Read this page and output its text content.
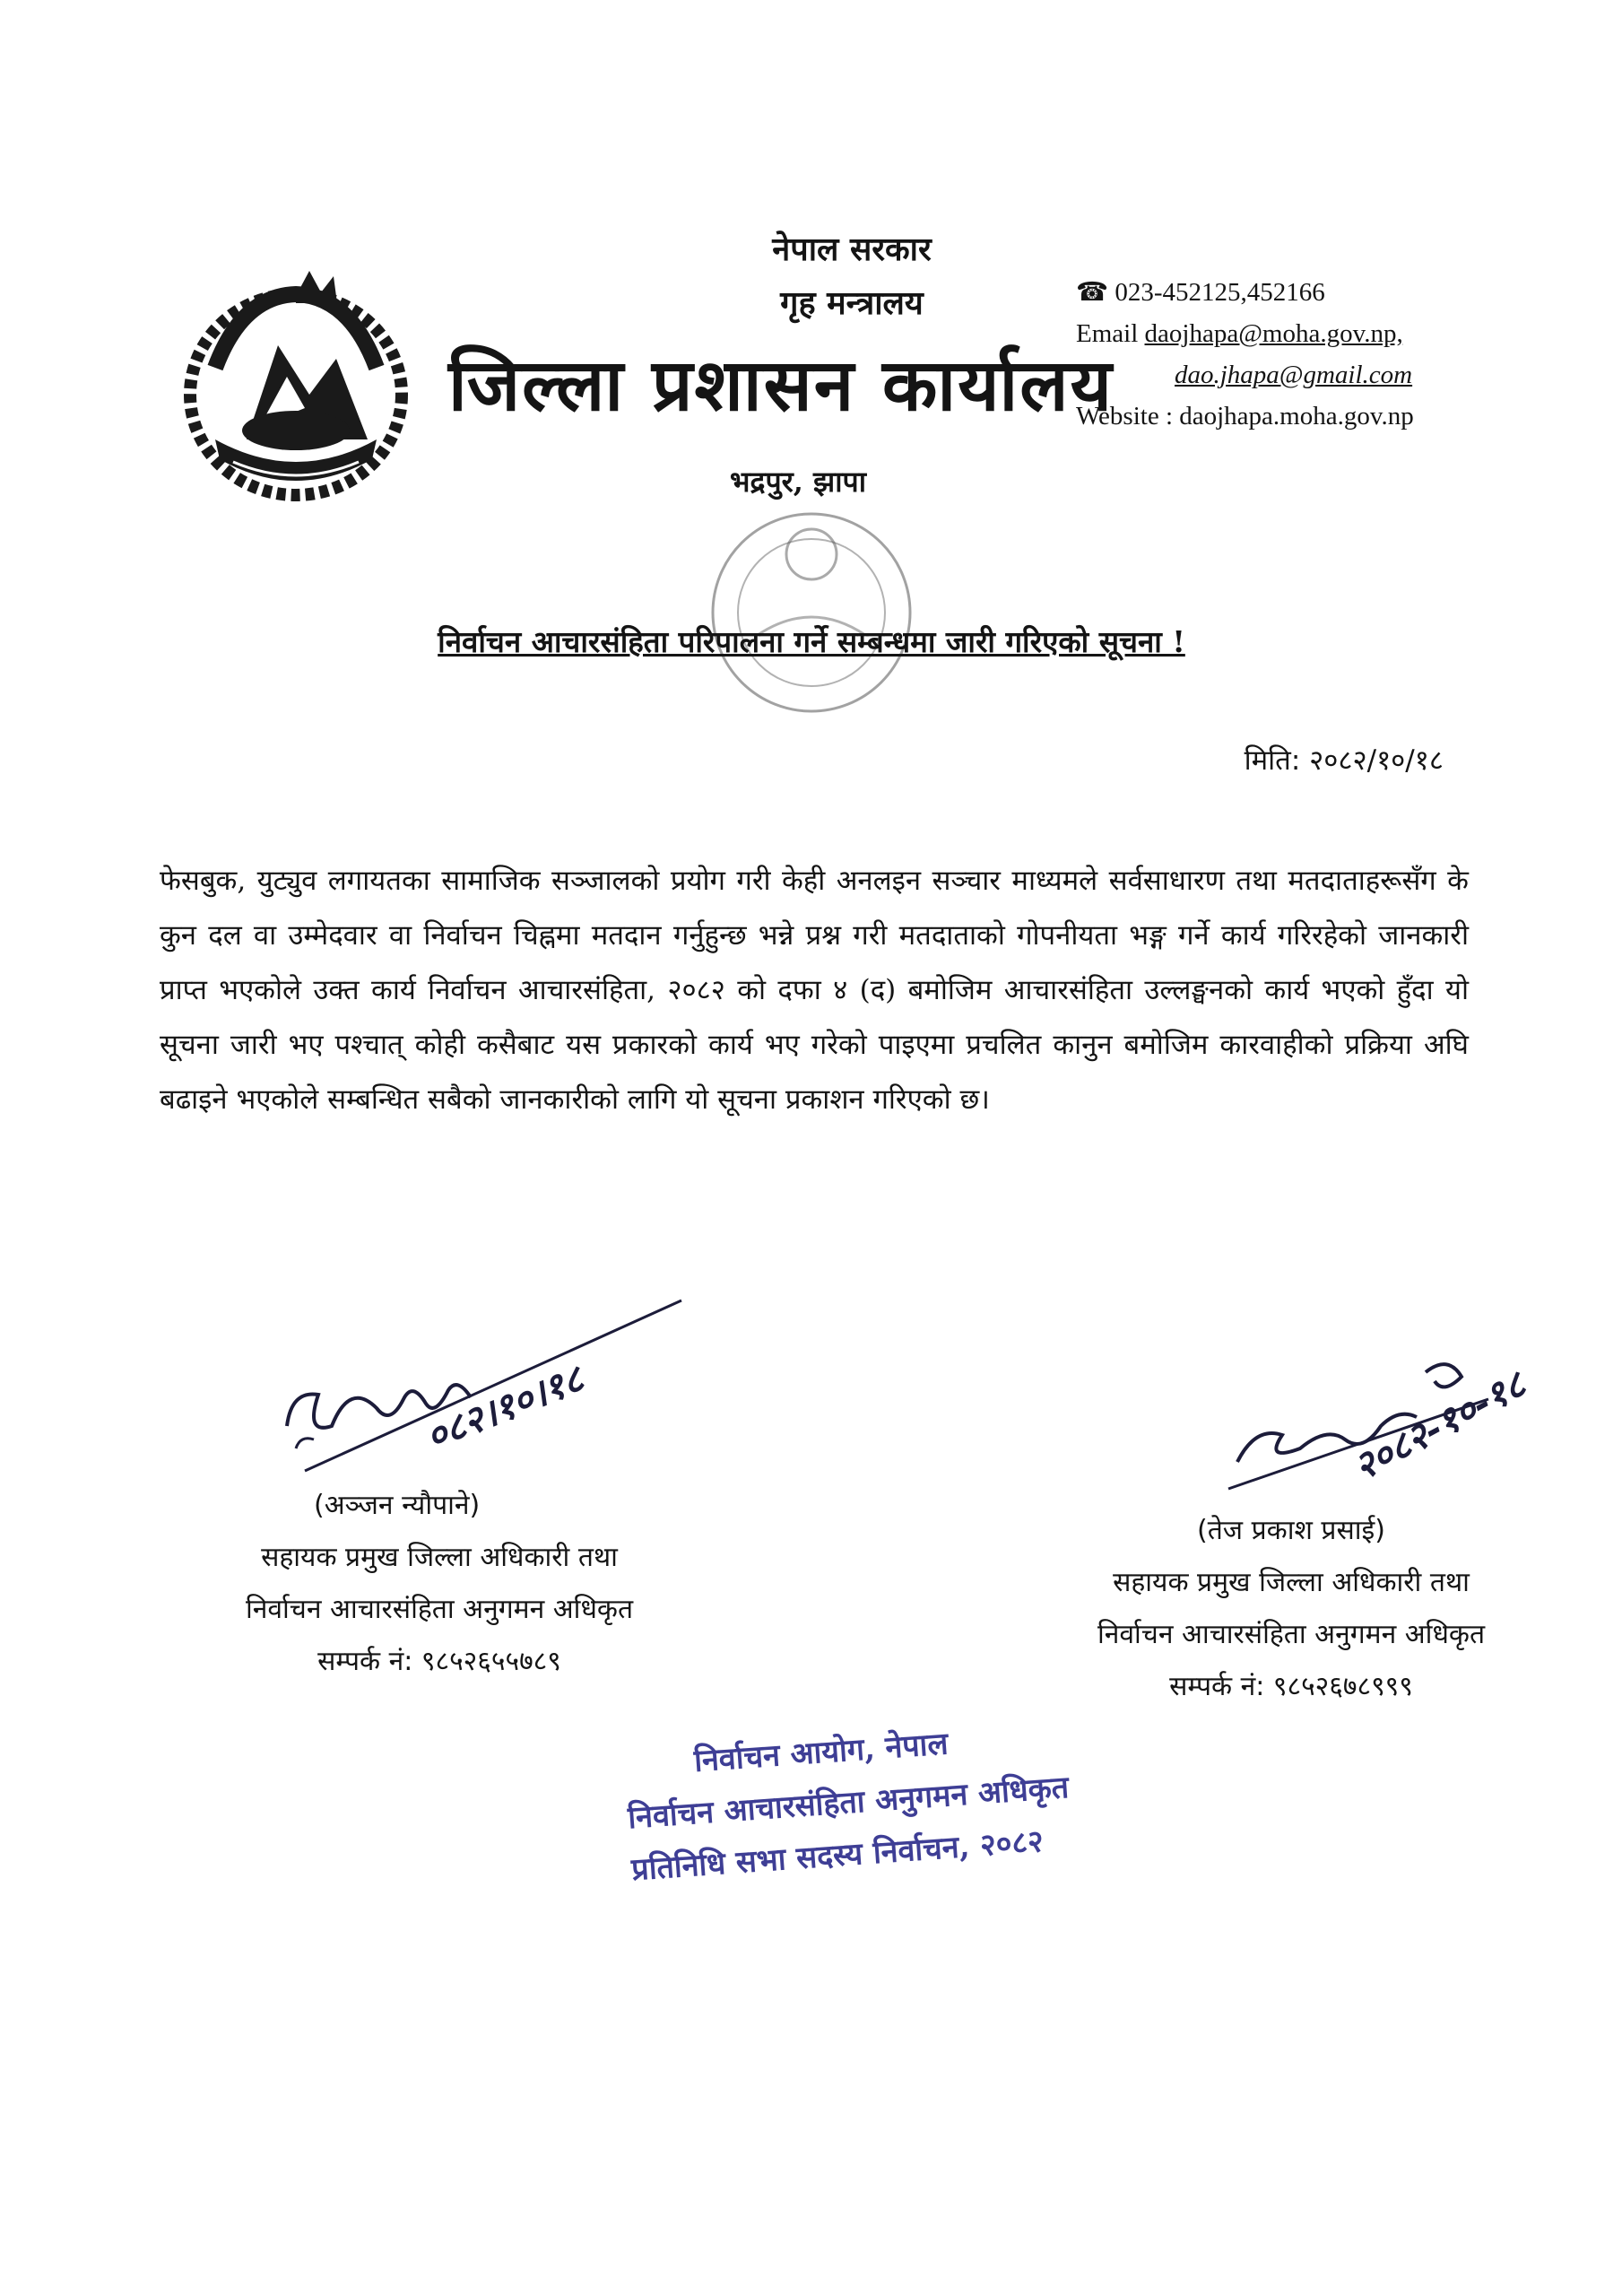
नेपाल सरकार
गृह मन्त्रालय
जिल्ला प्रशासन कार्यालय
☎ 023-452125,452166
Email daojhapa@moha.gov.np,
dao.jhapa@gmail.com
Website : daojhapa.moha.gov.np
भद्रपुर, झापा
निर्वाचन आचारसंहिता परिपालना गर्ने सम्बन्धमा जारी गरिएको सूचना !
मिति: २०८२/१०/१८
फेसबुक, युट्युव लगायतका सामाजिक सञ्जालको प्रयोग गरी केही अनलइन सञ्चार माध्यमले सर्वसाधारण तथा मतदाताहरूसँग के कुन दल वा उम्मेदवार वा निर्वाचन चिह्नमा मतदान गर्नुहुन्छ भन्ने प्रश्न गरी मतदाताको गोपनीयता भङ्ग गर्ने कार्य गरिरहेको जानकारी प्राप्त भएकोले उक्त कार्य निर्वाचन आचारसंहिता, २०८२ को दफा ४ (द) बमोजिम आचारसंहिता उल्लङ्घनको कार्य भएको हुँदा यो सूचना जारी भए पश्चात् कोही कसैबाट यस प्रकारको कार्य भए गरेको पाइएमा प्रचलित कानुन बमोजिम कारवाहीको प्रक्रिया अघि बढाइने भएकोले सम्बन्धित सबैको जानकारीको लागि यो सूचना प्रकाशन गरिएको छ।
०८२।१०।१८	२०८२-१०-१८
(अञ्जन न्यौपाने)
सहायक प्रमुख जिल्ला अधिकारी तथा
निर्वाचन आचारसंहिता अनुगमन अधिकृत
सम्पर्क नं: ९८५२६५५७८९
(तेज प्रकाश प्रसाई)
सहायक प्रमुख जिल्ला अधिकारी तथा
निर्वाचन आचारसंहिता अनुगमन अधिकृत
सम्पर्क नं: ९८५२६७८९९९
निर्वाचन आयोग, नेपाल
निर्वाचन आचारसंहिता अनुगमन अधिकृत
प्रतिनिधि सभा सदस्य निर्वाचन, २०८२
